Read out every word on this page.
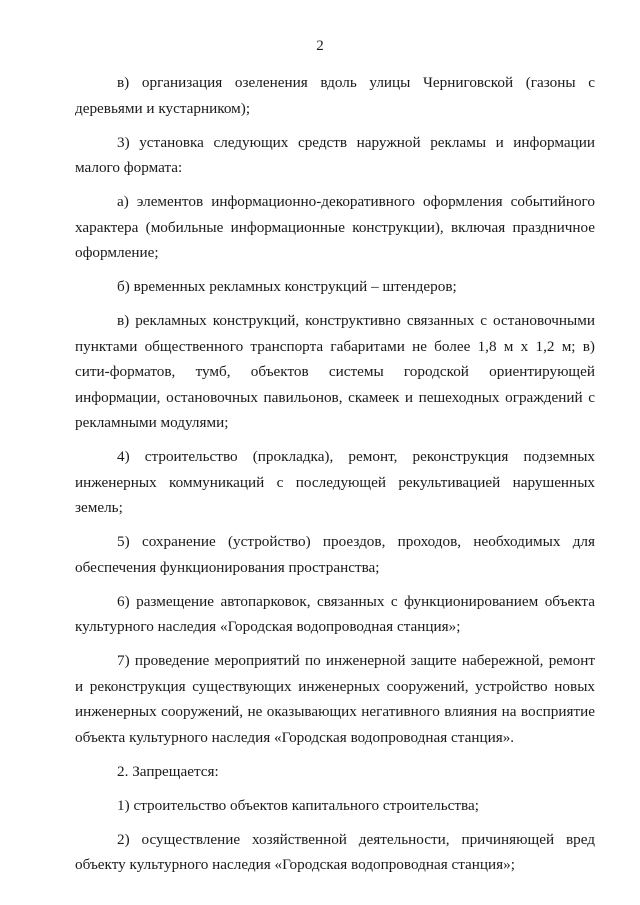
2

в) организация озеленения вдоль улицы Черниговской (газоны с деревьями и кустарником);

3) установка следующих средств наружной рекламы и информации малого формата:

а) элементов информационно-декоративного оформления событийного характера (мобильные информационные конструкции), включая праздничное оформление;

б) временных рекламных конструкций – штендеров;

в) рекламных конструкций, конструктивно связанных с остановочными пунктами общественного транспорта габаритами не более 1,8 м х 1,2 м; в) сити-форматов, тумб, объектов системы городской ориентирующей информации, остановочных павильонов, скамеек и пешеходных ограждений с рекламными модулями;

4) строительство (прокладка), ремонт, реконструкция подземных инженерных коммуникаций с последующей рекультивацией нарушенных земель;

5) сохранение (устройство) проездов, проходов, необходимых для обеспечения функционирования пространства;

6) размещение автопарковок, связанных с функционированием объекта культурного наследия «Городская водопроводная станция»;

7) проведение мероприятий по инженерной защите набережной, ремонт и реконструкция существующих инженерных сооружений, устройство новых инженерных сооружений, не оказывающих негативного влияния на восприятие объекта культурного наследия «Городская водопроводная станция».

2. Запрещается:

1) строительство объектов капитального строительства;

2) осуществление хозяйственной деятельности, причиняющей вред объекту культурного наследия «Городская водопроводная станция»;
